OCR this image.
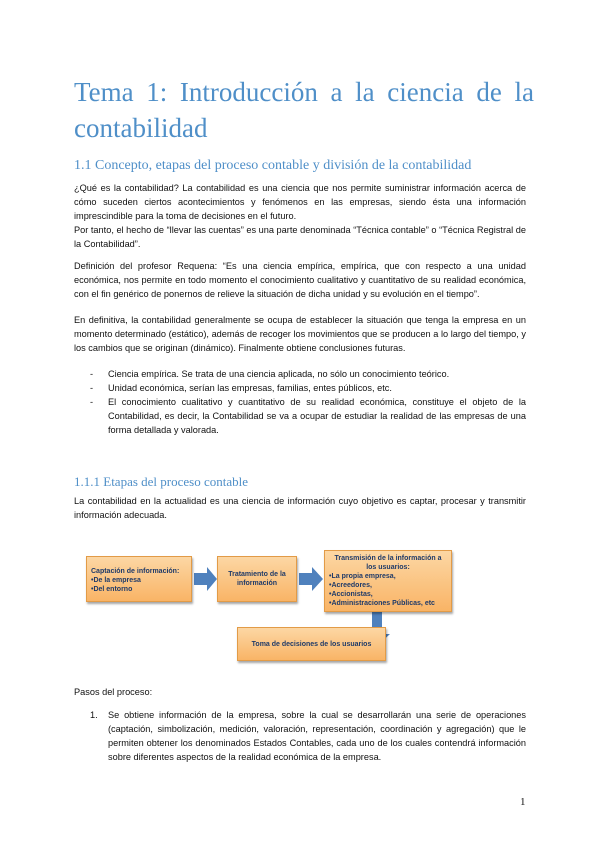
Tema 1: Introducción a la ciencia de la contabilidad
1.1 Concepto, etapas del proceso contable y división de la contabilidad

¿Qué es la contabilidad? La contabilidad es una ciencia que nos permite suministrar información acerca de cómo suceden ciertos acontecimientos y fenómenos en las empresas, siendo ésta una información imprescindible para la toma de decisiones en el futuro.

Por tanto, el hecho de “llevar las cuentas” es una parte denominada “Técnica contable” o “Técnica Registral de la Contabilidad”.

Definición del profesor Requena: “Es una ciencia empírica, empírica, que con respecto a una unidad económica, nos permite en todo momento el conocimiento cualitativo y cuantitativo de su realidad económica, con el fin genérico de ponernos de relieve la situación de dicha unidad y su evolución en el tiempo”.

En definitiva, la contabilidad generalmente se ocupa de establecer la situación que tenga la empresa en un momento determinado (estático), además de recoger los movimientos que se producen a lo largo del tiempo, y los cambios que se originan (dinámico). Finalmente obtiene conclusiones futuras.

- Ciencia empírica. Se trata de una ciencia aplicada, no sólo un conocimiento teórico.
- Unidad económica, serían las empresas, familias, entes públicos, etc.
- El conocimiento cualitativo y cuantitativo de su realidad económica, constituye el objeto de la Contabilidad, es decir, la Contabilidad se va a ocupar de estudiar la realidad de las empresas de una forma detallada y valorada.
1.1.1 Etapas del proceso contable

La contabilidad en la actualidad es una ciencia de información cuyo objetivo es captar, procesar y transmitir información adecuada.

Captación de información:
•De la empresa
•Del entorno
Tratamiento de la información
Transmisión de la información a los usuarios:
•La propia empresa,
•Acreedores,
•Accionistas,
•Administraciones Públicas, etc
Toma de decisiones de los usuarios

Pasos del proceso:

1. Se obtiene información de la empresa, sobre la cual se desarrollarán una serie de operaciones (captación, simbolización, medición, valoración, representación, coordinación y agregación) que le permiten obtener los denominados Estados Contables, cada uno de los cuales contendrá información sobre diferentes aspectos de la realidad económica de la empresa.
1
